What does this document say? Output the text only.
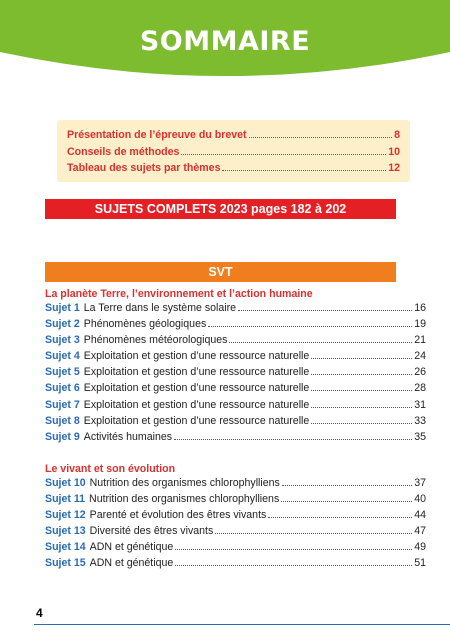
SOMMAIRE
Présentation de l’épreuve du brevet	8
Conseils de méthodes	10
Tableau des sujets par thèmes	12
SUJETS COMPLETS 2023 pages 182 à 202
SVT
La planète Terre, l’environnement et l’action humaine
Sujet 1 La Terre dans le système solaire	16
Sujet 2 Phénomènes géologiques	19
Sujet 3 Phénomènes météorologiques	21
Sujet 4 Exploitation et gestion d’une ressource naturelle	24
Sujet 5 Exploitation et gestion d’une ressource naturelle	26
Sujet 6 Exploitation et gestion d’une ressource naturelle	28
Sujet 7 Exploitation et gestion d’une ressource naturelle	31
Sujet 8 Exploitation et gestion d’une ressource naturelle	33
Sujet 9 Activités humaines	35
Le vivant et son évolution
Sujet 10 Nutrition des organismes chlorophylliens	37
Sujet 11 Nutrition des organismes chlorophylliens	40
Sujet 12 Parenté et évolution des êtres vivants	44
Sujet 13 Diversité des êtres vivants	47
Sujet 14 ADN et génétique	49
Sujet 15 ADN et génétique	51
4
